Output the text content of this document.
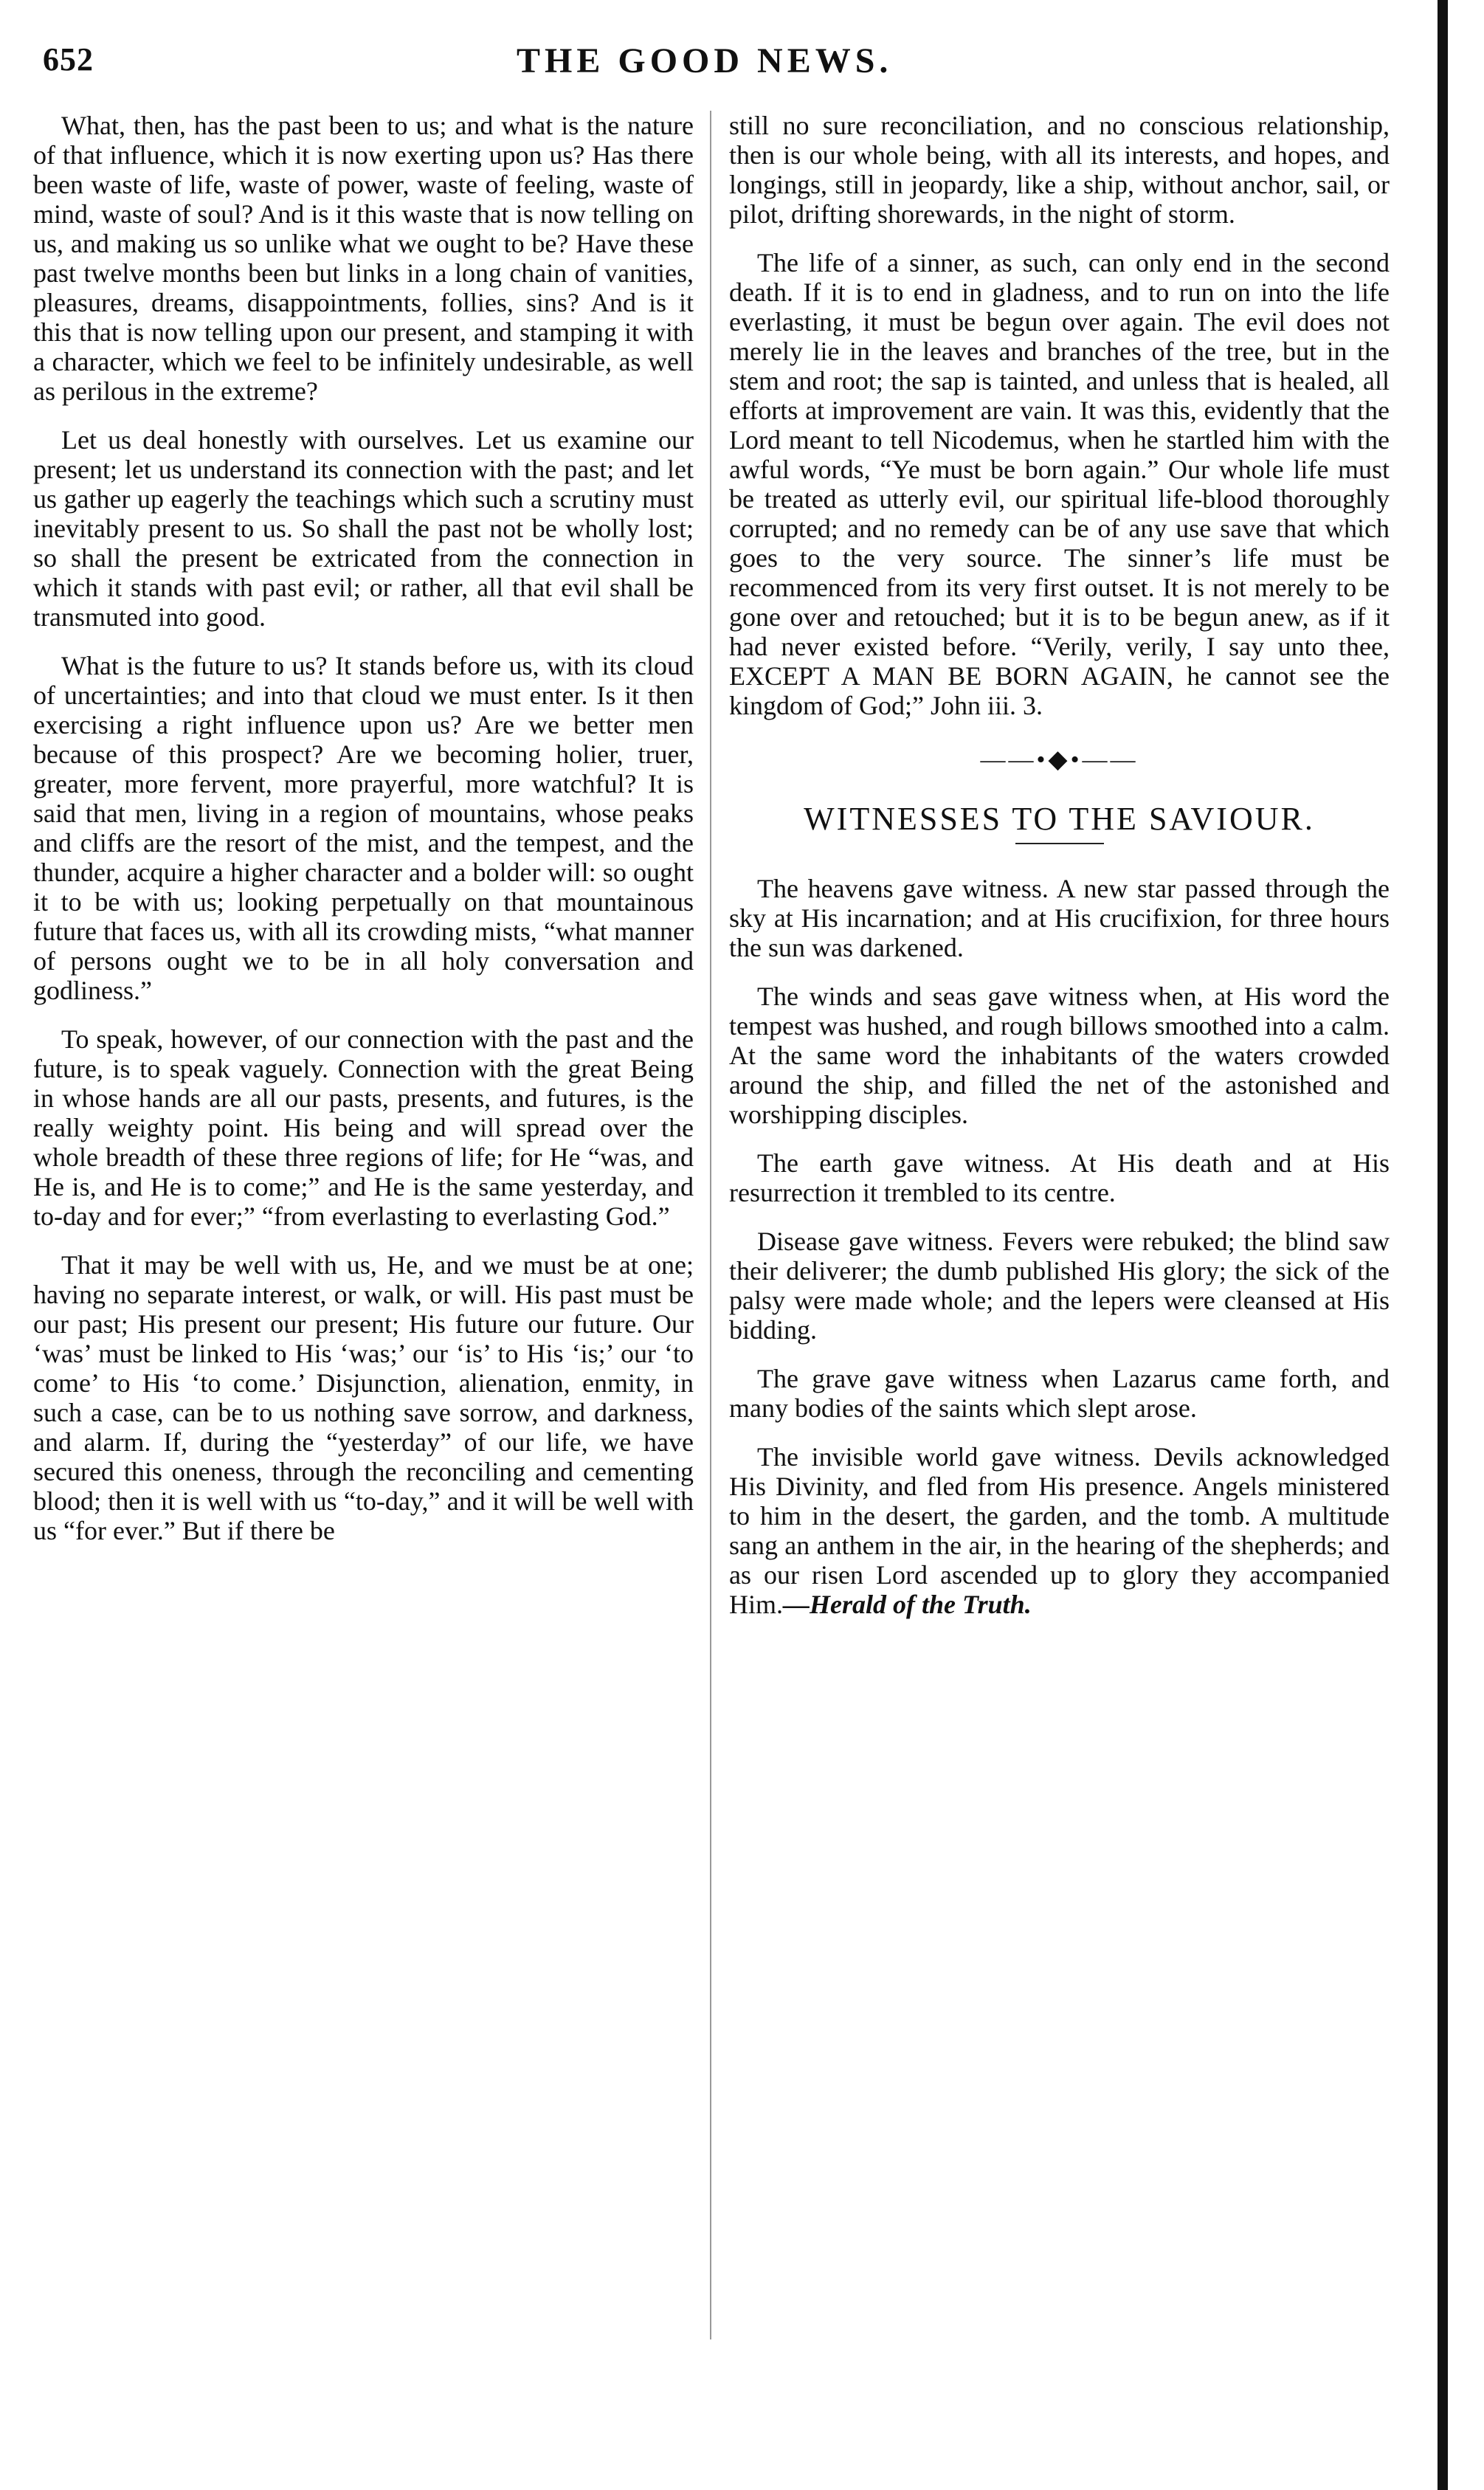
652	THE GOOD NEWS.

What, then, has the past been to us; and what is the nature of that influence, which it is now exerting upon us? Has there been waste of life, waste of power, waste of feeling, waste of mind, waste of soul? And is it this waste that is now telling on us, and making us so unlike what we ought to be? Have these past twelve months been but links in a long chain of vanities, pleasures, dreams, disappointments, follies, sins? And is it this that is now telling upon our present, and stamping it with a character, which we feel to be infinitely undesirable, as well as perilous in the extreme?

Let us deal honestly with ourselves. Let us examine our present; let us understand its connection with the past; and let us gather up eagerly the teachings which such a scrutiny must inevitably present to us. So shall the past not be wholly lost; so shall the present be extricated from the connection in which it stands with past evil; or rather, all that evil shall be transmuted into good.

What is the future to us? It stands before us, with its cloud of uncertainties; and into that cloud we must enter. Is it then exercising a right influence upon us? Are we better men because of this prospect? Are we becoming holier, truer, greater, more fervent, more prayerful, more watchful? It is said that men, living in a region of mountains, whose peaks and cliffs are the resort of the mist, and the tempest, and the thunder, acquire a higher character and a bolder will: so ought it to be with us; looking perpetually on that mountainous future that faces us, with all its crowding mists, “what manner of persons ought we to be in all holy conversation and godliness.”

To speak, however, of our connection with the past and the future, is to speak vaguely. Connection with the great Being in whose hands are all our pasts, presents, and futures, is the really weighty point. His being and will spread over the whole breadth of these three regions of life; for He “was, and He is, and He is to come;” and He is the same yesterday, and to-day and for ever;” “from everlasting to everlasting God.”

That it may be well with us, He, and we must be at one; having no separate interest, or walk, or will. His past must be our past; His present our present; His future our future. Our ‘was’ must be linked to His ‘was;’ our ‘is’ to His ‘is;’ our ‘to come’ to His ‘to come.’ Disjunction, alienation, enmity, in such a case, can be to us nothing save sorrow, and darkness, and alarm. If, during the “yesterday” of our life, we have secured this oneness, through the reconciling and cementing blood; then it is well with us “to-day,” and it will be well with us “for ever.” But if there be

still no sure reconciliation, and no conscious relationship, then is our whole being, with all its interests, and hopes, and longings, still in jeopardy, like a ship, without anchor, sail, or pilot, drifting shorewards, in the night of storm.

The life of a sinner, as such, can only end in the second death. If it is to end in gladness, and to run on into the life everlasting, it must be begun over again. The evil does not merely lie in the leaves and branches of the tree, but in the stem and root; the sap is tainted, and unless that is healed, all efforts at improvement are vain. It was this, evidently that the Lord meant to tell Nicodemus, when he startled him with the awful words, “Ye must be born again.” Our whole life must be treated as utterly evil, our spiritual life-blood thoroughly corrupted; and no remedy can be of any use save that which goes to the very source. The sinner’s life must be recommenced from its very first outset. It is not merely to be gone over and retouched; but it is to be begun anew, as if it had never existed before. “Verily, verily, I say unto thee, EXCEPT A MAN BE BORN AGAIN, he cannot see the kingdom of God;” John iii. 3.

——•◆•——
WITNESSES TO THE SAVIOUR.

The heavens gave witness. A new star passed through the sky at His incarnation; and at His crucifixion, for three hours the sun was darkened.

The winds and seas gave witness when, at His word the tempest was hushed, and rough billows smoothed into a calm. At the same word the inhabitants of the waters crowded around the ship, and filled the net of the astonished and worshipping disciples.

The earth gave witness. At His death and at His resurrection it trembled to its centre.

Disease gave witness. Fevers were rebuked; the blind saw their deliverer; the dumb published His glory; the sick of the palsy were made whole; and the lepers were cleansed at His bidding.

The grave gave witness when Lazarus came forth, and many bodies of the saints which slept arose.

The invisible world gave witness. Devils acknowledged His Divinity, and fled from His presence. Angels ministered to him in the desert, the garden, and the tomb. A multitude sang an anthem in the air, in the hearing of the shepherds; and as our risen Lord ascended up to glory they accompanied Him.—Herald of the Truth.
